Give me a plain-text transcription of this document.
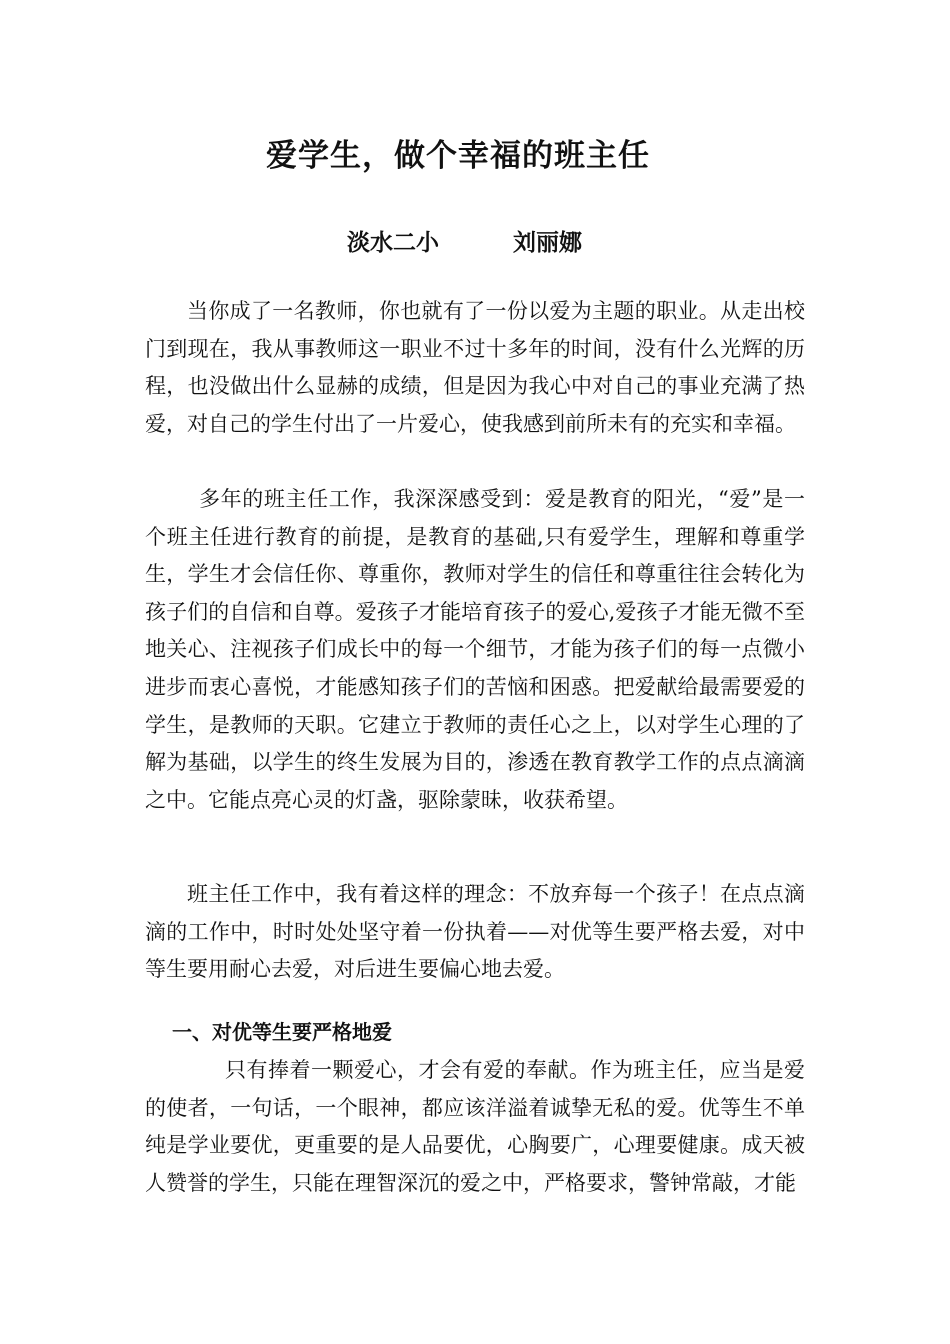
爱学生，做个幸福的班主任
淡水二小	刘丽娜

当你成了一名教师，你也就有了一份以爱为主题的职业。从走出校门到现在，我从事教师这一职业不过十多年的时间，没有什么光辉的历程，也没做出什么显赫的成绩，但是因为我心中对自己的事业充满了热爱，对自己的学生付出了一片爱心，使我感到前所未有的充实和幸福。

多年的班主任工作，我深深感受到：爱是教育的阳光，“爱”是一个班主任进行教育的前提，是教育的基础,只有爱学生，理解和尊重学生，学生才会信任你、尊重你，教师对学生的信任和尊重往往会转化为孩子们的自信和自尊。爱孩子才能培育孩子的爱心,爱孩子才能无微不至地关心、注视孩子们成长中的每一个细节，才能为孩子们的每一点微小进步而衷心喜悦，才能感知孩子们的苦恼和困惑。把爱献给最需要爱的学生，是教师的天职。它建立于教师的责任心之上，以对学生心理的了解为基础，以学生的终生发展为目的，渗透在教育教学工作的点点滴滴之中。它能点亮心灵的灯盏，驱除蒙昧，收获希望。

班主任工作中，我有着这样的理念：不放弃每一个孩子！在点点滴滴的工作中，时时处处坚守着一份执着——对优等生要严格去爱，对中等生要用耐心去爱，对后进生要偏心地去爱。

一、对优等生要严格地爱

只有捧着一颗爱心，才会有爱的奉献。作为班主任，应当是爱的使者，一句话，一个眼神，都应该洋溢着诚挚无私的爱。优等生不单纯是学业要优，更重要的是人品要优，心胸要广，心理要健康。成天被人赞誉的学生，只能在理智深沉的爱之中，严格要求，警钟常敲，才能
